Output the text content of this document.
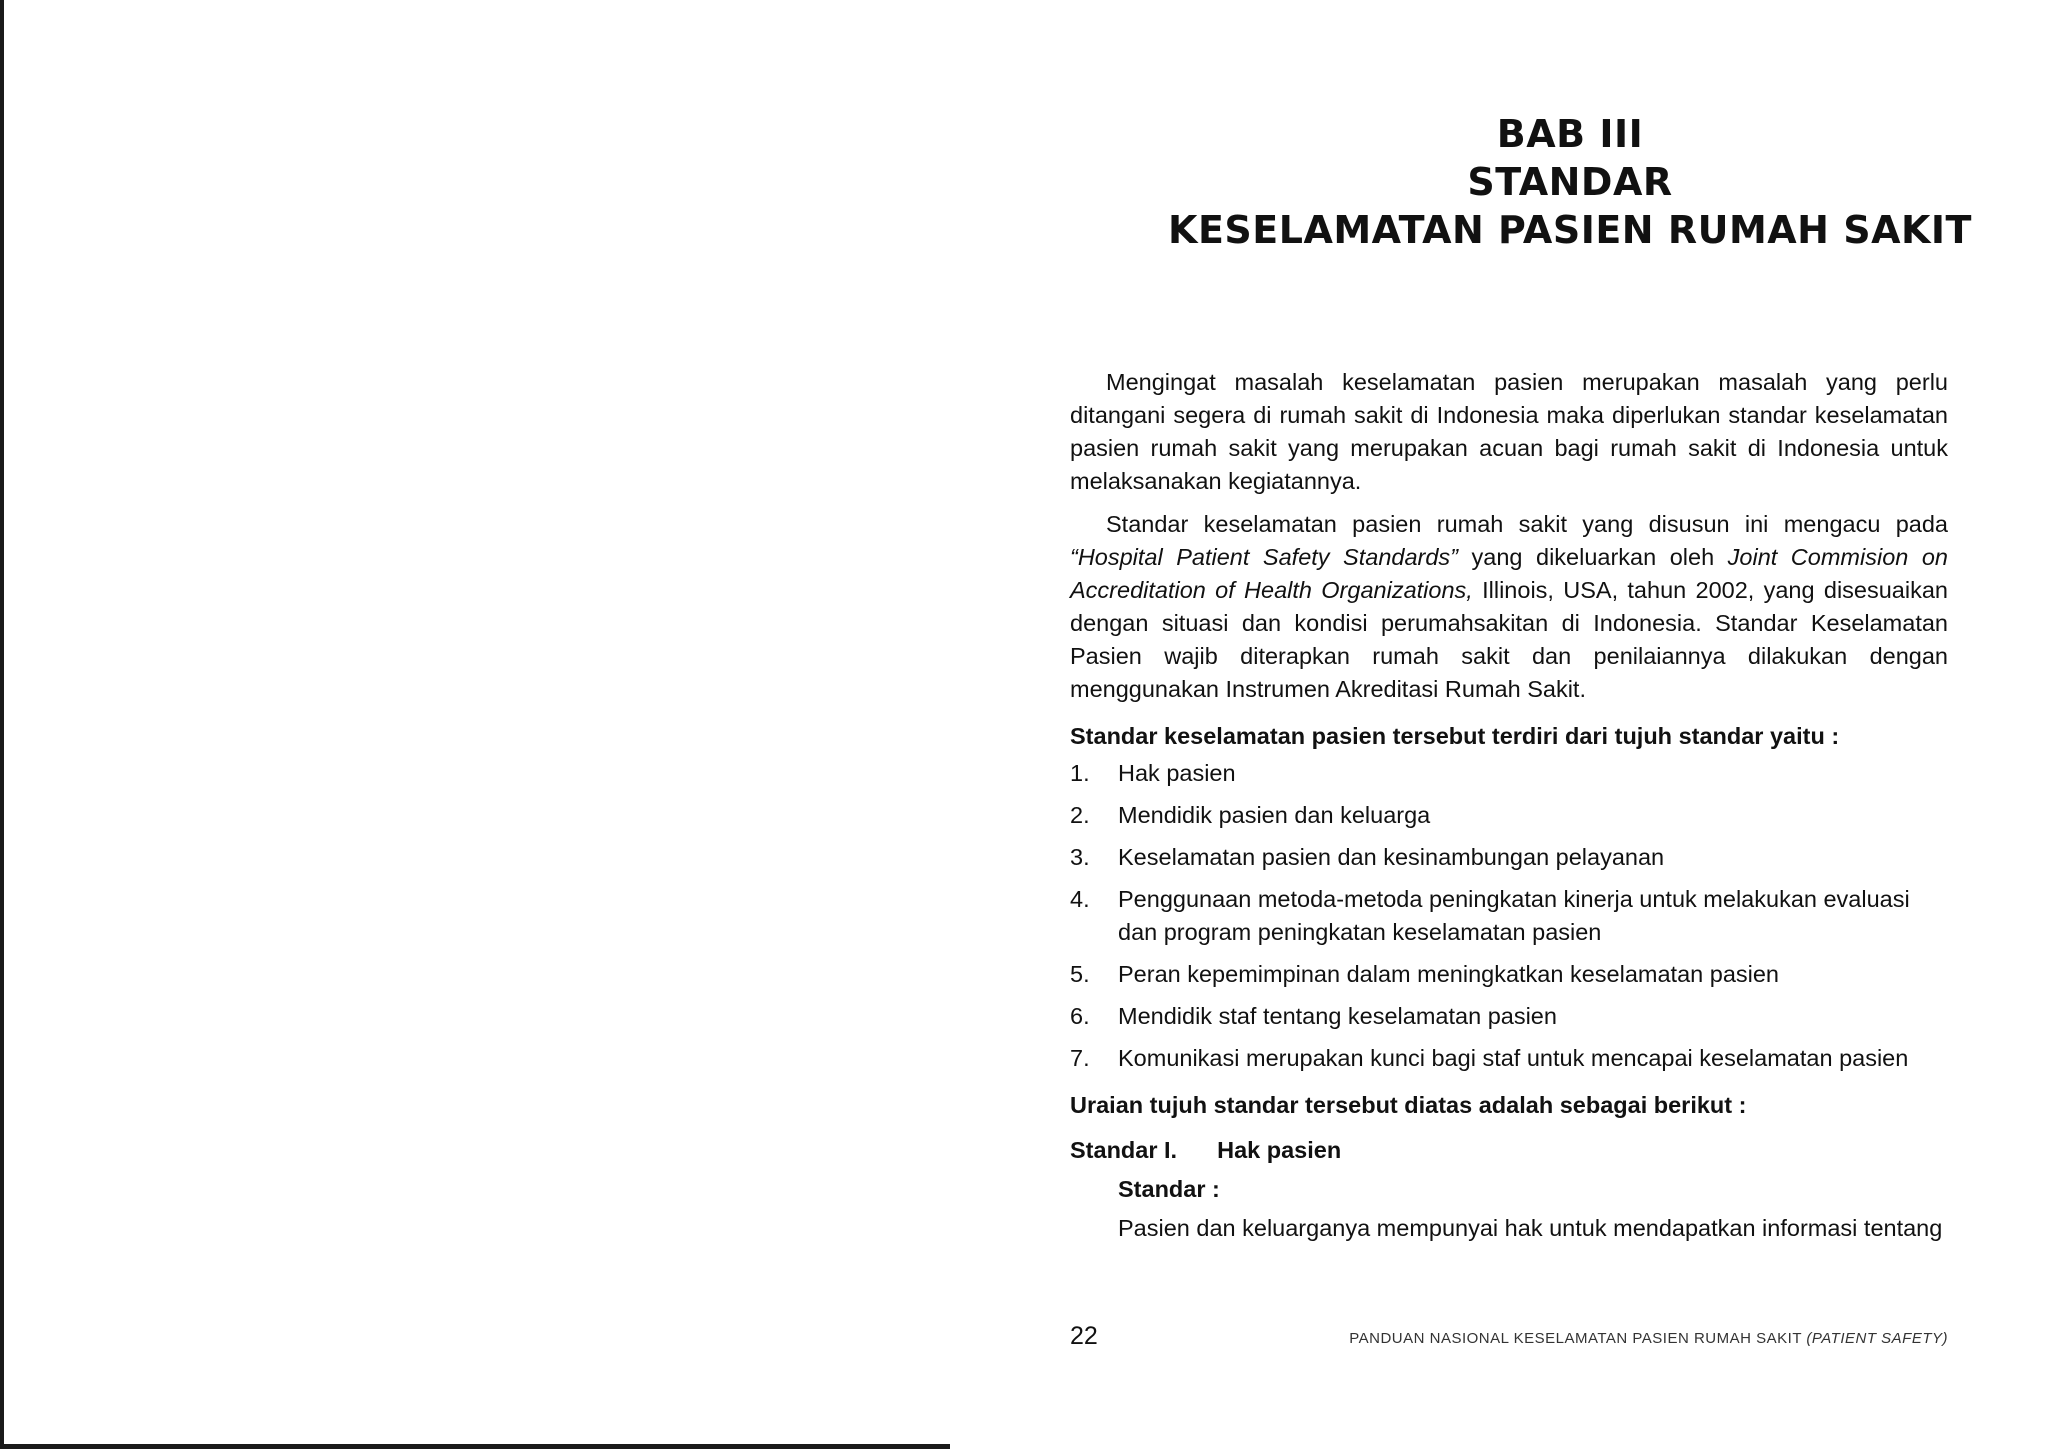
BAB III
STANDAR
KESELAMATAN PASIEN RUMAH SAKIT

Mengingat masalah keselamatan pasien merupakan masalah yang perlu ditangani segera di rumah sakit di Indonesia maka diperlukan standar keselamatan pasien rumah sakit yang merupakan acuan bagi rumah sakit di Indonesia untuk melaksanakan kegiatannya.

Standar keselamatan pasien rumah sakit yang disusun ini mengacu pada “Hospital Patient Safety Standards” yang dikeluarkan oleh Joint Commision on Accreditation of Health Organizations, Illinois, USA, tahun 2002, yang disesuaikan dengan situasi dan kondisi perumahsakitan di Indonesia. Standar Keselamatan Pasien wajib diterapkan rumah sakit dan penilaiannya dilakukan dengan menggunakan Instrumen Akreditasi Rumah Sakit.

Standar keselamatan pasien tersebut terdiri dari tujuh standar yaitu :
1.	Hak pasien
2.	Mendidik pasien dan keluarga
3.	Keselamatan pasien dan kesinambungan pelayanan
4.	Penggunaan metoda-metoda peningkatan kinerja untuk melakukan evaluasi dan program peningkatan keselamatan pasien
5.	Peran kepemimpinan dalam meningkatkan keselamatan pasien
6.	Mendidik staf tentang keselamatan pasien
7.	Komunikasi merupakan kunci bagi staf untuk mencapai keselamatan pasien
Uraian tujuh standar tersebut diatas adalah sebagai berikut :
Standar I. Hak pasien
Standar :
Pasien dan keluarganya mempunyai hak untuk mendapatkan informasi tentang
22	PANDUAN NASIONAL KESELAMATAN PASIEN RUMAH SAKIT (PATIENT SAFETY)
